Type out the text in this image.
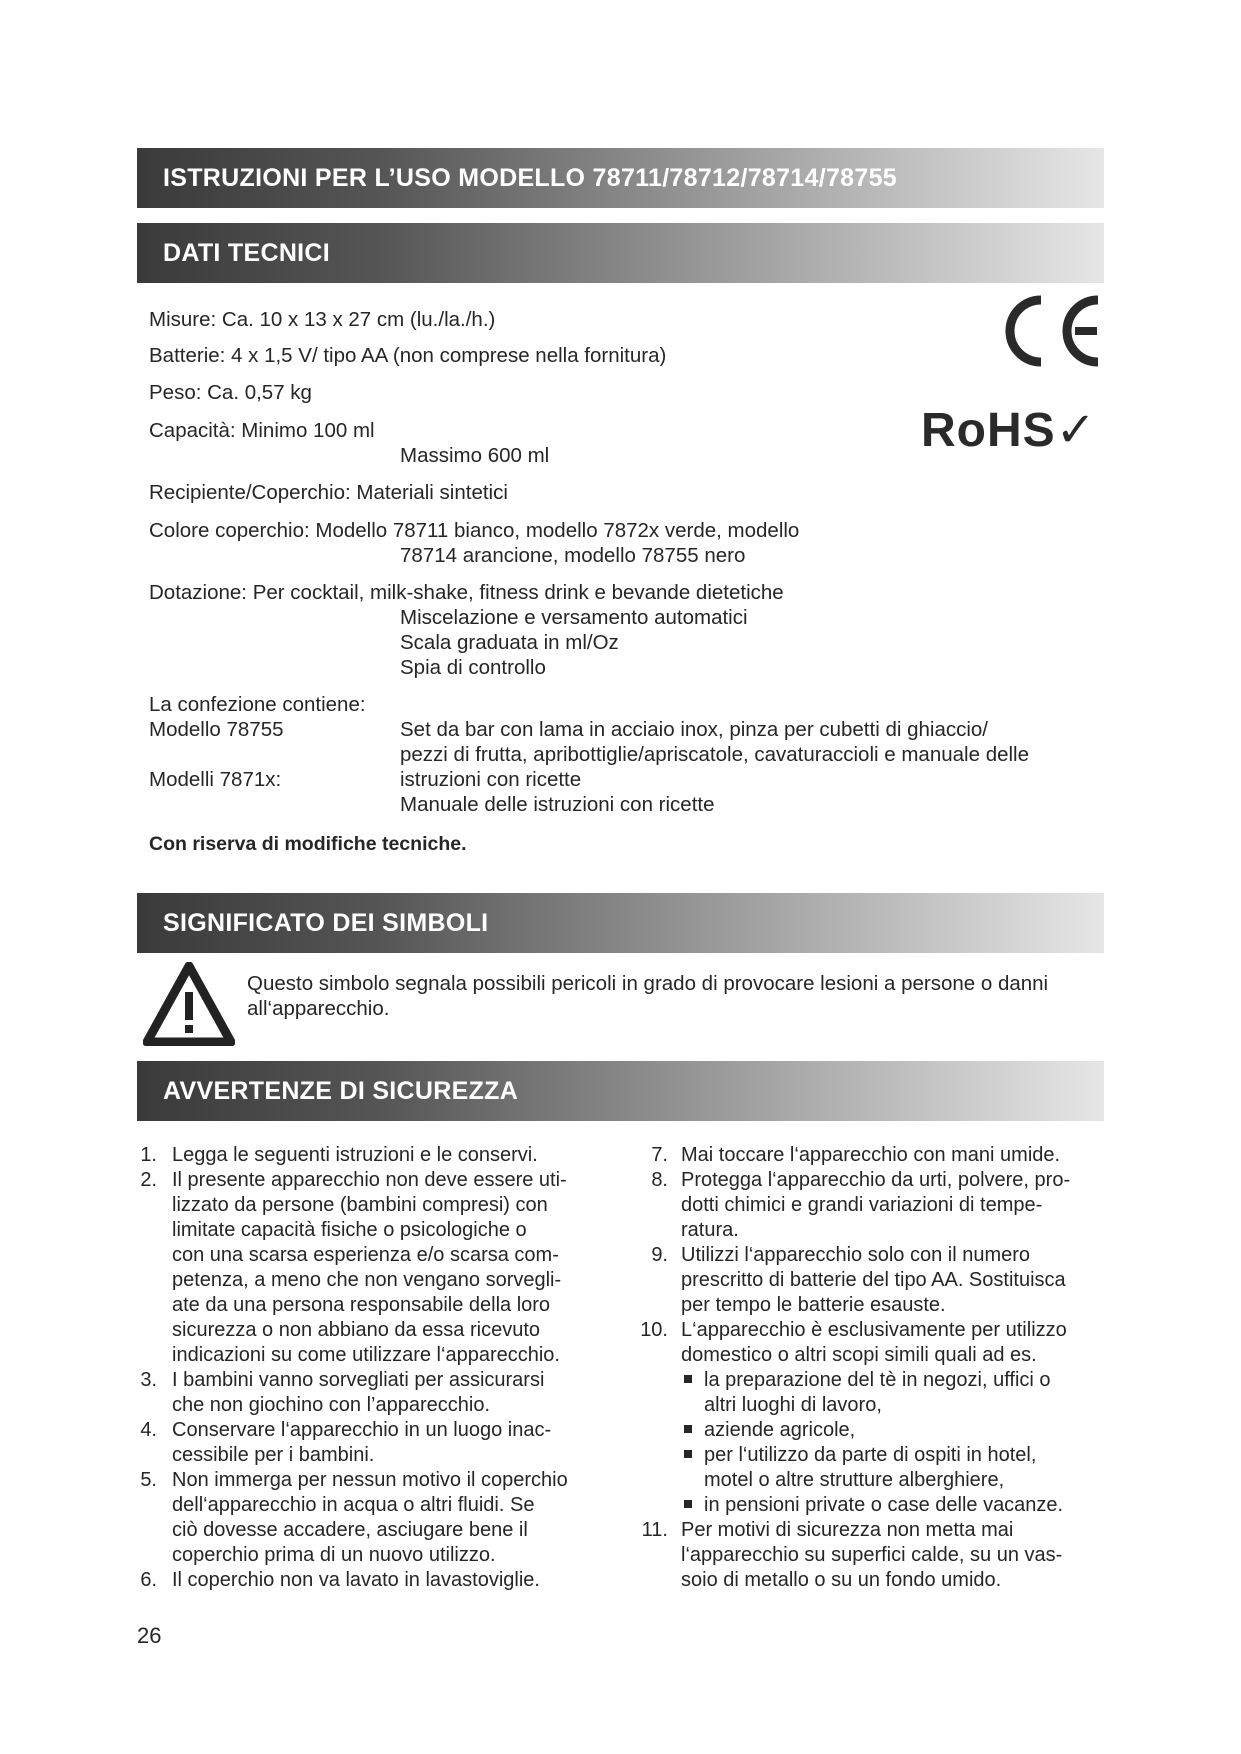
ISTRUZIONI PER L’USO MODELLO 78711/78712/78714/78755
DATI TECNICI
Misure: Ca. 10 x 13 x 27 cm (lu./la./h.)
Batterie: 4 x 1,5 V/ tipo AA (non comprese nella fornitura)
Peso: Ca. 0,57 kg
Capacità: Minimo 100 ml
Massimo 600 ml
Recipiente/Coperchio: Materiali sintetici
Colore coperchio: Modello 78711 bianco, modello 7872x verde, modello
78714 arancione, modello 78755 nero
Dotazione: Per cocktail, milk-shake, fitness drink e bevande dietetiche
Miscelazione e versamento automatici
Scala graduata in ml/Oz
Spia di controllo
La confezione contiene:
Modello 78755	Set da bar con lama in acciaio inox, pinza per cubetti di ghiaccio/
pezzi di frutta, apribottiglie/apriscatole, cavaturaccioli e manuale delle
Modelli 7871x:	istruzioni con ricette
Manuale delle istruzioni con ricette
Con riserva di modifiche tecniche.
RoHS✓
SIGNIFICATO DEI SIMBOLI
Questo simbolo segnala possibili pericoli in grado di provocare lesioni a persone o danni
all‘apparecchio.
AVVERTENZE DI SICUREZZA
26
1. Legga le seguenti istruzioni e le conservi.
2. Il presente apparecchio non deve essere uti-
lizzato da persone (bambini compresi) con
limitate capacità fisiche o psicologiche o
con una scarsa esperienza e/o scarsa com-
petenza, a meno che non vengano sorvegli-
ate da una persona responsabile della loro
sicurezza o non abbiano da essa ricevuto
indicazioni su come utilizzare l‘apparecchio.
3. I bambini vanno sorvegliati per assicurarsi
che non giochino con l’apparecchio.
4. Conservare l‘apparecchio in un luogo inac-
cessibile per i bambini.
5. Non immerga per nessun motivo il coperchio
dell‘apparecchio in acqua o altri fluidi. Se
ciò dovesse accadere, asciugare bene il
coperchio prima di un nuovo utilizzo.
6. Il coperchio non va lavato in lavastoviglie.
7. Mai toccare l‘apparecchio con mani umide.
8. Protegga l‘apparecchio da urti, polvere, pro-
dotti chimici e grandi variazioni di tempe-
ratura.
9. Utilizzi l‘apparecchio solo con il numero
prescritto di batterie del tipo AA. Sostituisca
per tempo le batterie esauste.
10. L‘apparecchio è esclusivamente per utilizzo
domestico o altri scopi simili quali ad es.
la preparazione del tè in negozi, uffici o
altri luoghi di lavoro,
aziende agricole,
per l‘utilizzo da parte di ospiti in hotel,
motel o altre strutture alberghiere,
in pensioni private o case delle vacanze.
11. Per motivi di sicurezza non metta mai
l‘apparecchio su superfici calde, su un vas-
soio di metallo o su un fondo umido.
